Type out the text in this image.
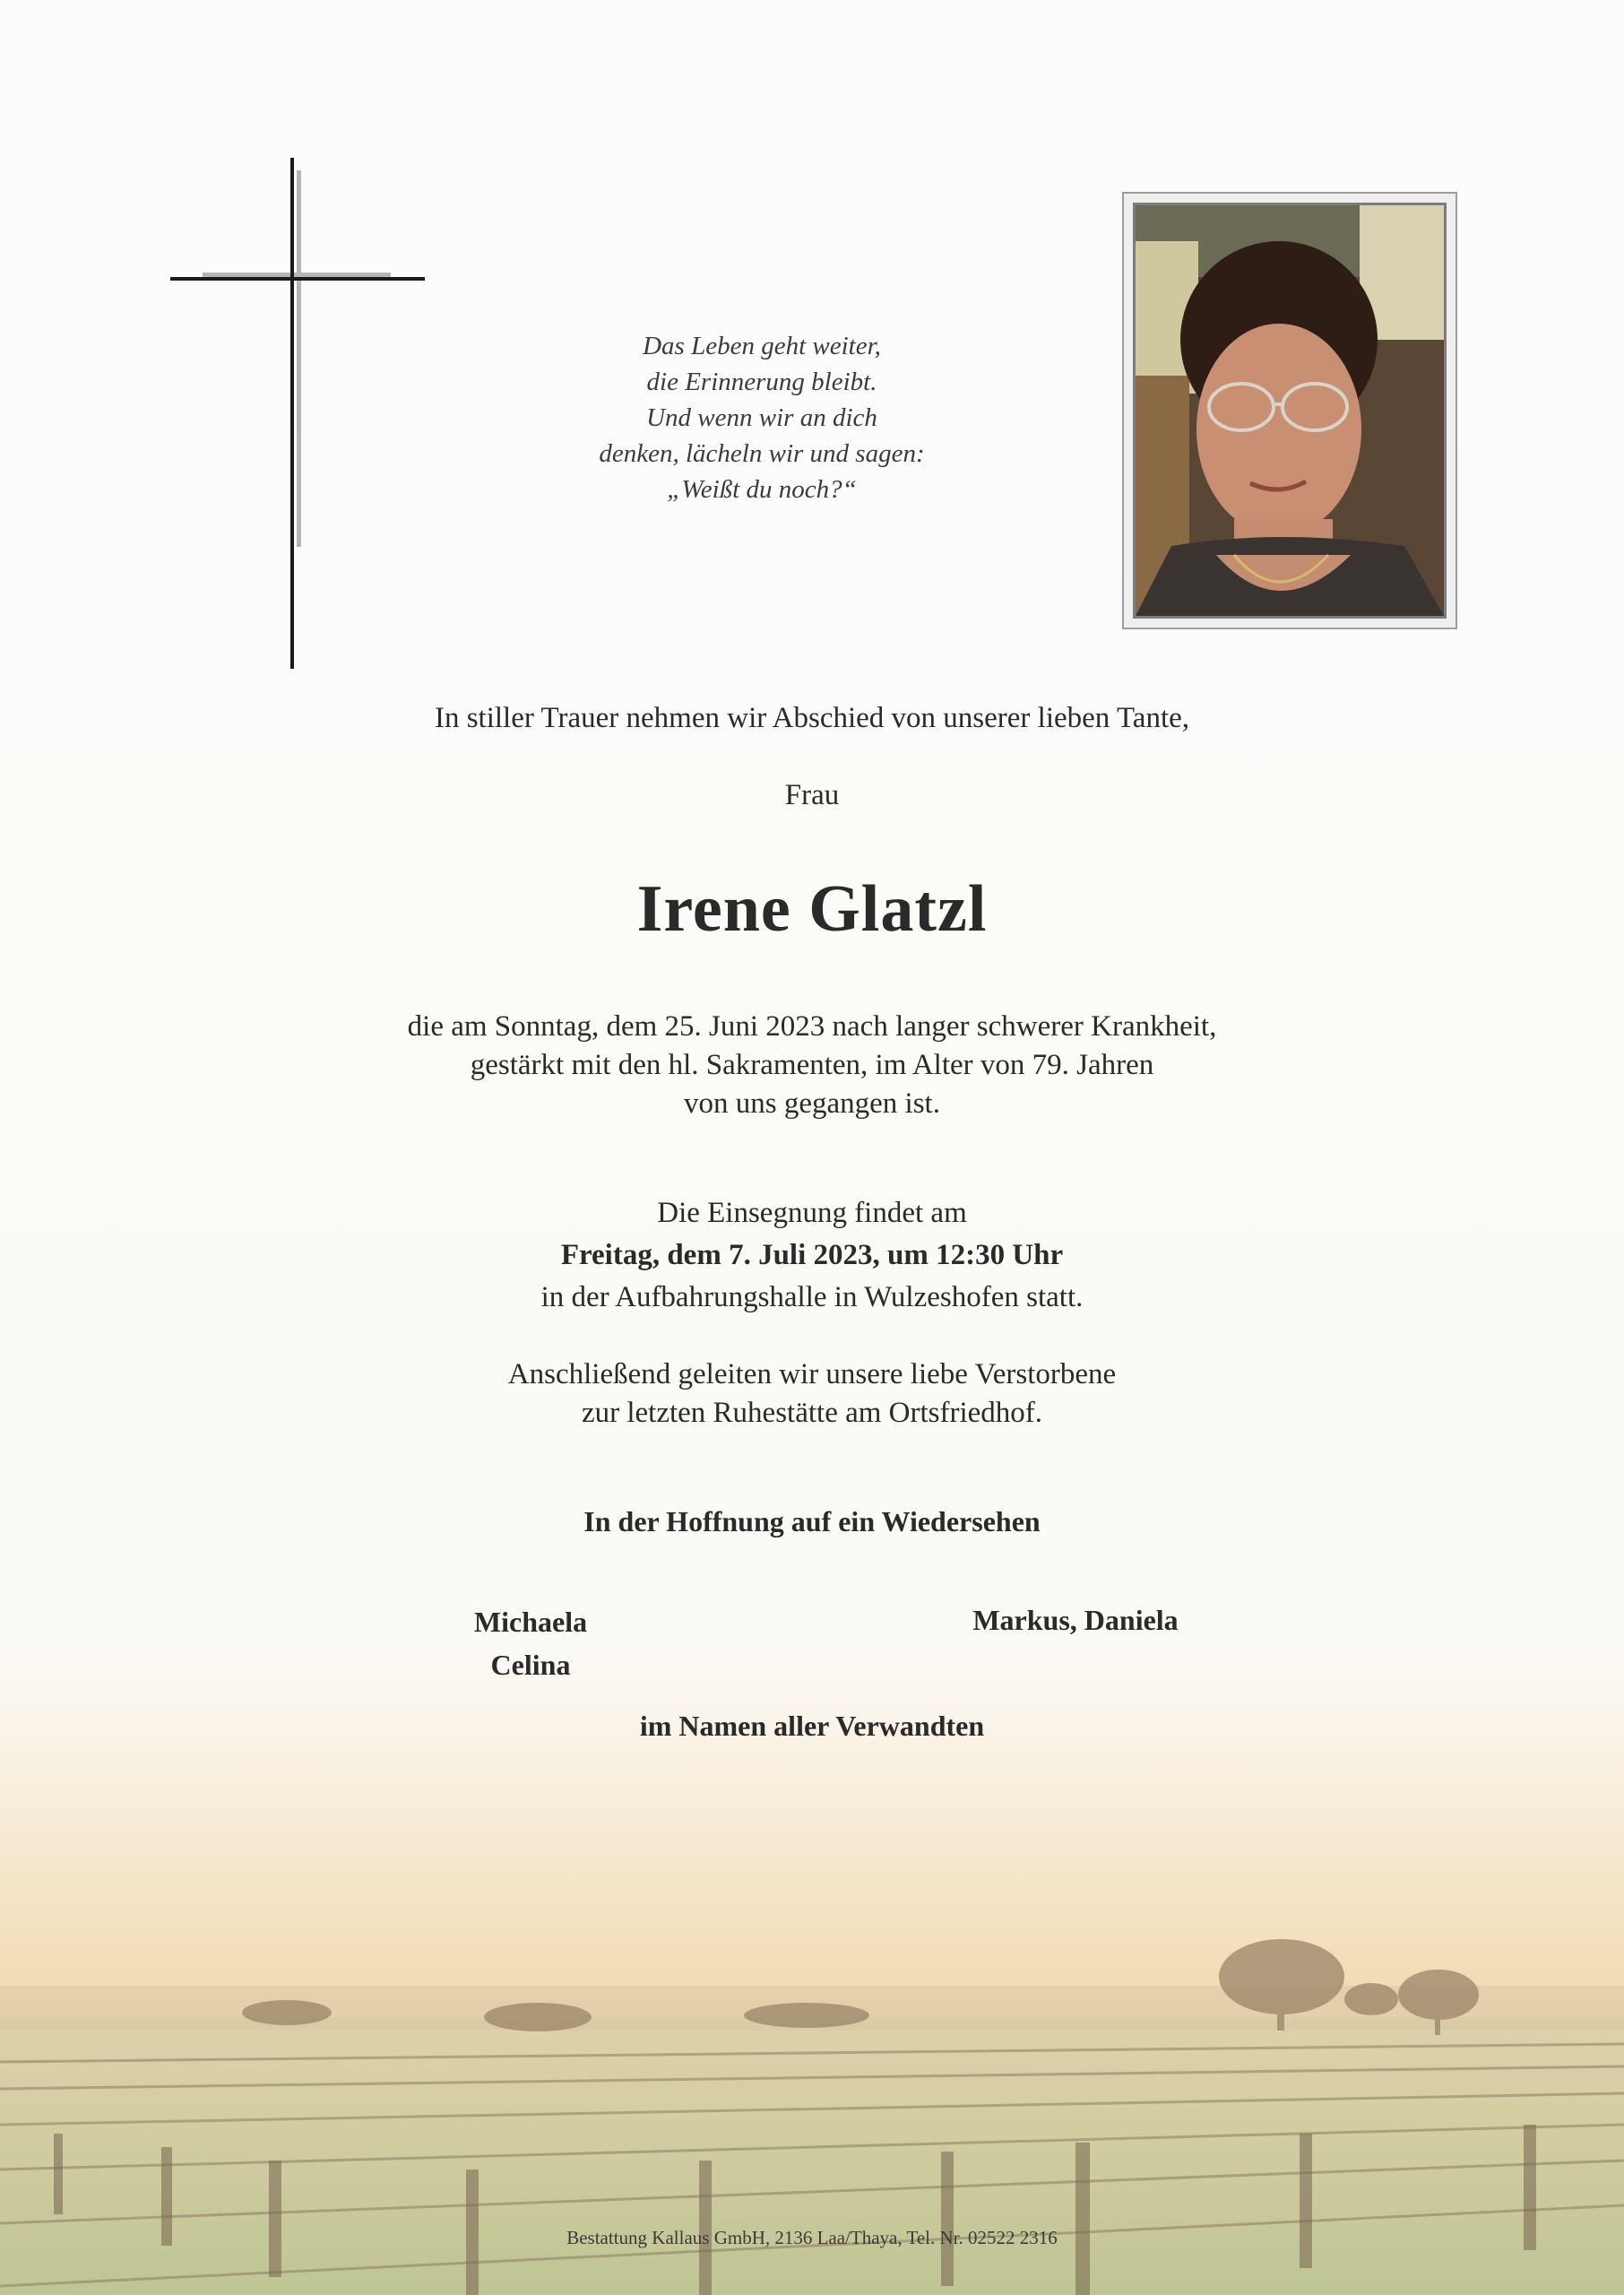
Das Leben geht weiter,
die Erinnerung bleibt.
Und wenn wir an dich
denken, lächeln wir und sagen:
„Weißt du noch?“
In stiller Trauer nehmen wir Abschied von unserer lieben Tante,
Frau
Irene Glatzl
die am Sonntag, dem 25. Juni 2023 nach langer schwerer Krankheit,
gestärkt mit den hl. Sakramenten, im Alter von 79. Jahren
von uns gegangen ist.
Die Einsegnung findet am
Freitag, dem 7. Juli 2023, um 12:30 Uhr
in der Aufbahrungshalle in Wulzeshofen statt.
Anschließend geleiten wir unsere liebe Verstorbene
zur letzten Ruhestätte am Ortsfriedhof.
In der Hoffnung auf ein Wiedersehen
Michaela
Celina
Markus, Daniela
im Namen aller Verwandten
Bestattung Kallaus GmbH, 2136 Laa/Thaya, Tel. Nr. 02522 2316
